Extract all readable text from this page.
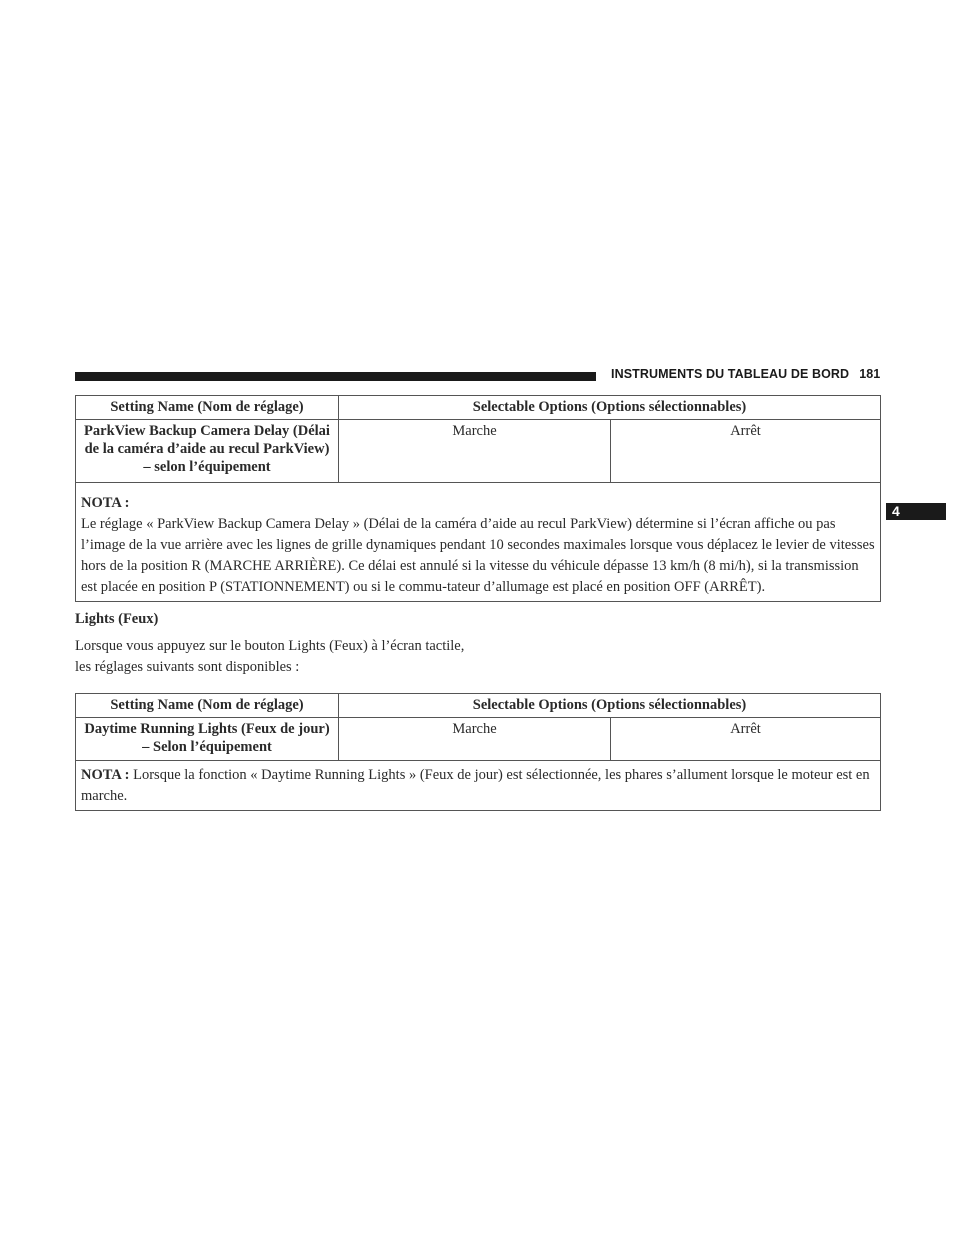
INSTRUMENTS DU TABLEAU DE BORD 181
4
Setting Name (Nom de réglage)	Selectable Options (Options sélectionnables)	
ParkView Backup Camera Delay (Délai de la caméra d’aide au recul ParkView) – selon l’équipement	Marche	Arrêt
NOTA :
Le réglage « ParkView Backup Camera Delay » (Délai de la caméra d’aide au recul ParkView) détermine si l’écran affiche ou pas l’image de la vue arrière avec les lignes de grille dynamiques pendant 10 secondes maximales lorsque vous déplacez le levier de vitesses hors de la position R (MARCHE ARRIÈRE). Ce délai est annulé si la vitesse du véhicule dépasse 13 km/h (8 mi/h), si la transmission est placée en position P (STATIONNEMENT) ou si le commu-tateur d’allumage est placé en position OFF (ARRÊT).		
Lights (Feux)

Lorsque vous appuyez sur le bouton Lights (Feux) à l’écran tactile, les réglages suivants sont disponibles :

Setting Name (Nom de réglage)	Selectable Options (Options sélectionnables)	
Daytime Running Lights (Feux de jour) – Selon l’équipement	Marche	Arrêt
NOTA : Lorsque la fonction « Daytime Running Lights » (Feux de jour) est sélectionnée, les phares s’allument lorsque le moteur est en marche.		
